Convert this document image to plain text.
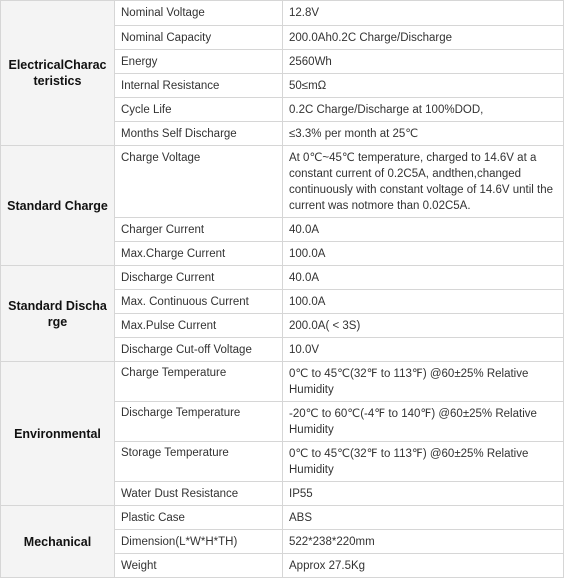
ElectricalCharacteristics	Nominal Voltage	12.8V
	Nominal Capacity	200.0Ah0.2C Charge/Discharge
	Energy	2560Wh
	Internal Resistance	50≤mΩ
	Cycle Life	0.2C Charge/Discharge at 100%DOD,
	Months Self Discharge	≤3.3% per month at 25℃
Standard Charge	Charge Voltage	At 0℃~45℃ temperature, charged to 14.6V at a constant current of 0.2C5A, andthen,changed continuously with constant voltage of 14.6V until the current was notmore than 0.02C5A.
	Charger Current	40.0A
	Max.Charge Current	100.0A
Standard Discharge	Discharge Current	40.0A
	Max. Continuous Current	100.0A
	Max.Pulse Current	200.0A( < 3S)
	Discharge Cut-off Voltage	10.0V
Environmental	Charge Temperature	0℃ to 45℃(32℉ to 113℉) @60±25% Relative Humidity
	Discharge Temperature	-20℃ to 60℃(-4℉ to 140℉) @60±25% Relative Humidity
	Storage Temperature	0℃ to 45℃(32℉ to 113℉) @60±25% Relative Humidity
	Water Dust Resistance	IP55
Mechanical	Plastic Case	ABS
	Dimension(L*W*H*TH)	522*238*220mm
	Weight	Approx 27.5Kg
